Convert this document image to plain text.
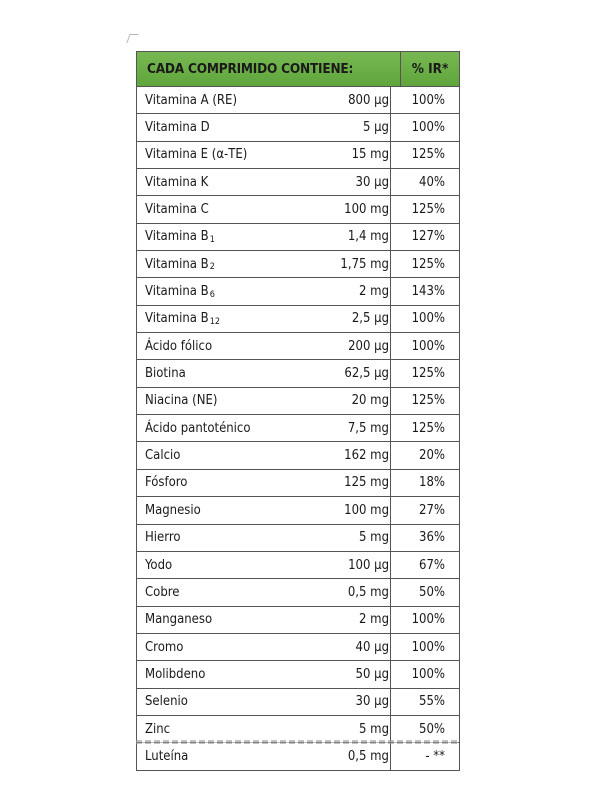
CADA COMPRIMIDO CONTIENE:	% IR*
Vitamina A (RE)	800 µg	100%
Vitamina D	5 µg	100%
Vitamina E (α-TE)	15 mg	125%
Vitamina K	30 µg	40%
Vitamina C	100 mg	125%
Vitamina B 1	1,4 mg	127%
Vitamina B 2	1,75 mg	125%
Vitamina B 6	2 mg	143%
Vitamina B 12	2,5 µg	100%
Ácido fólico	200 µg	100%
Biotina	62,5 µg	125%
Niacina (NE)	20 mg	125%
Ácido pantoténico	7,5 mg	125%
Calcio	162 mg	20%
Fósforo	125 mg	18%
Magnesio	100 mg	27%
Hierro	5 mg	36%
Yodo	100 µg	67%
Cobre	0,5 mg	50%
Manganeso	2 mg	100%
Cromo	40 µg	100%
Molibdeno	50 µg	100%
Selenio	30 µg	55%
Zinc	5 mg	50%
Luteína	0,5 mg	- **
